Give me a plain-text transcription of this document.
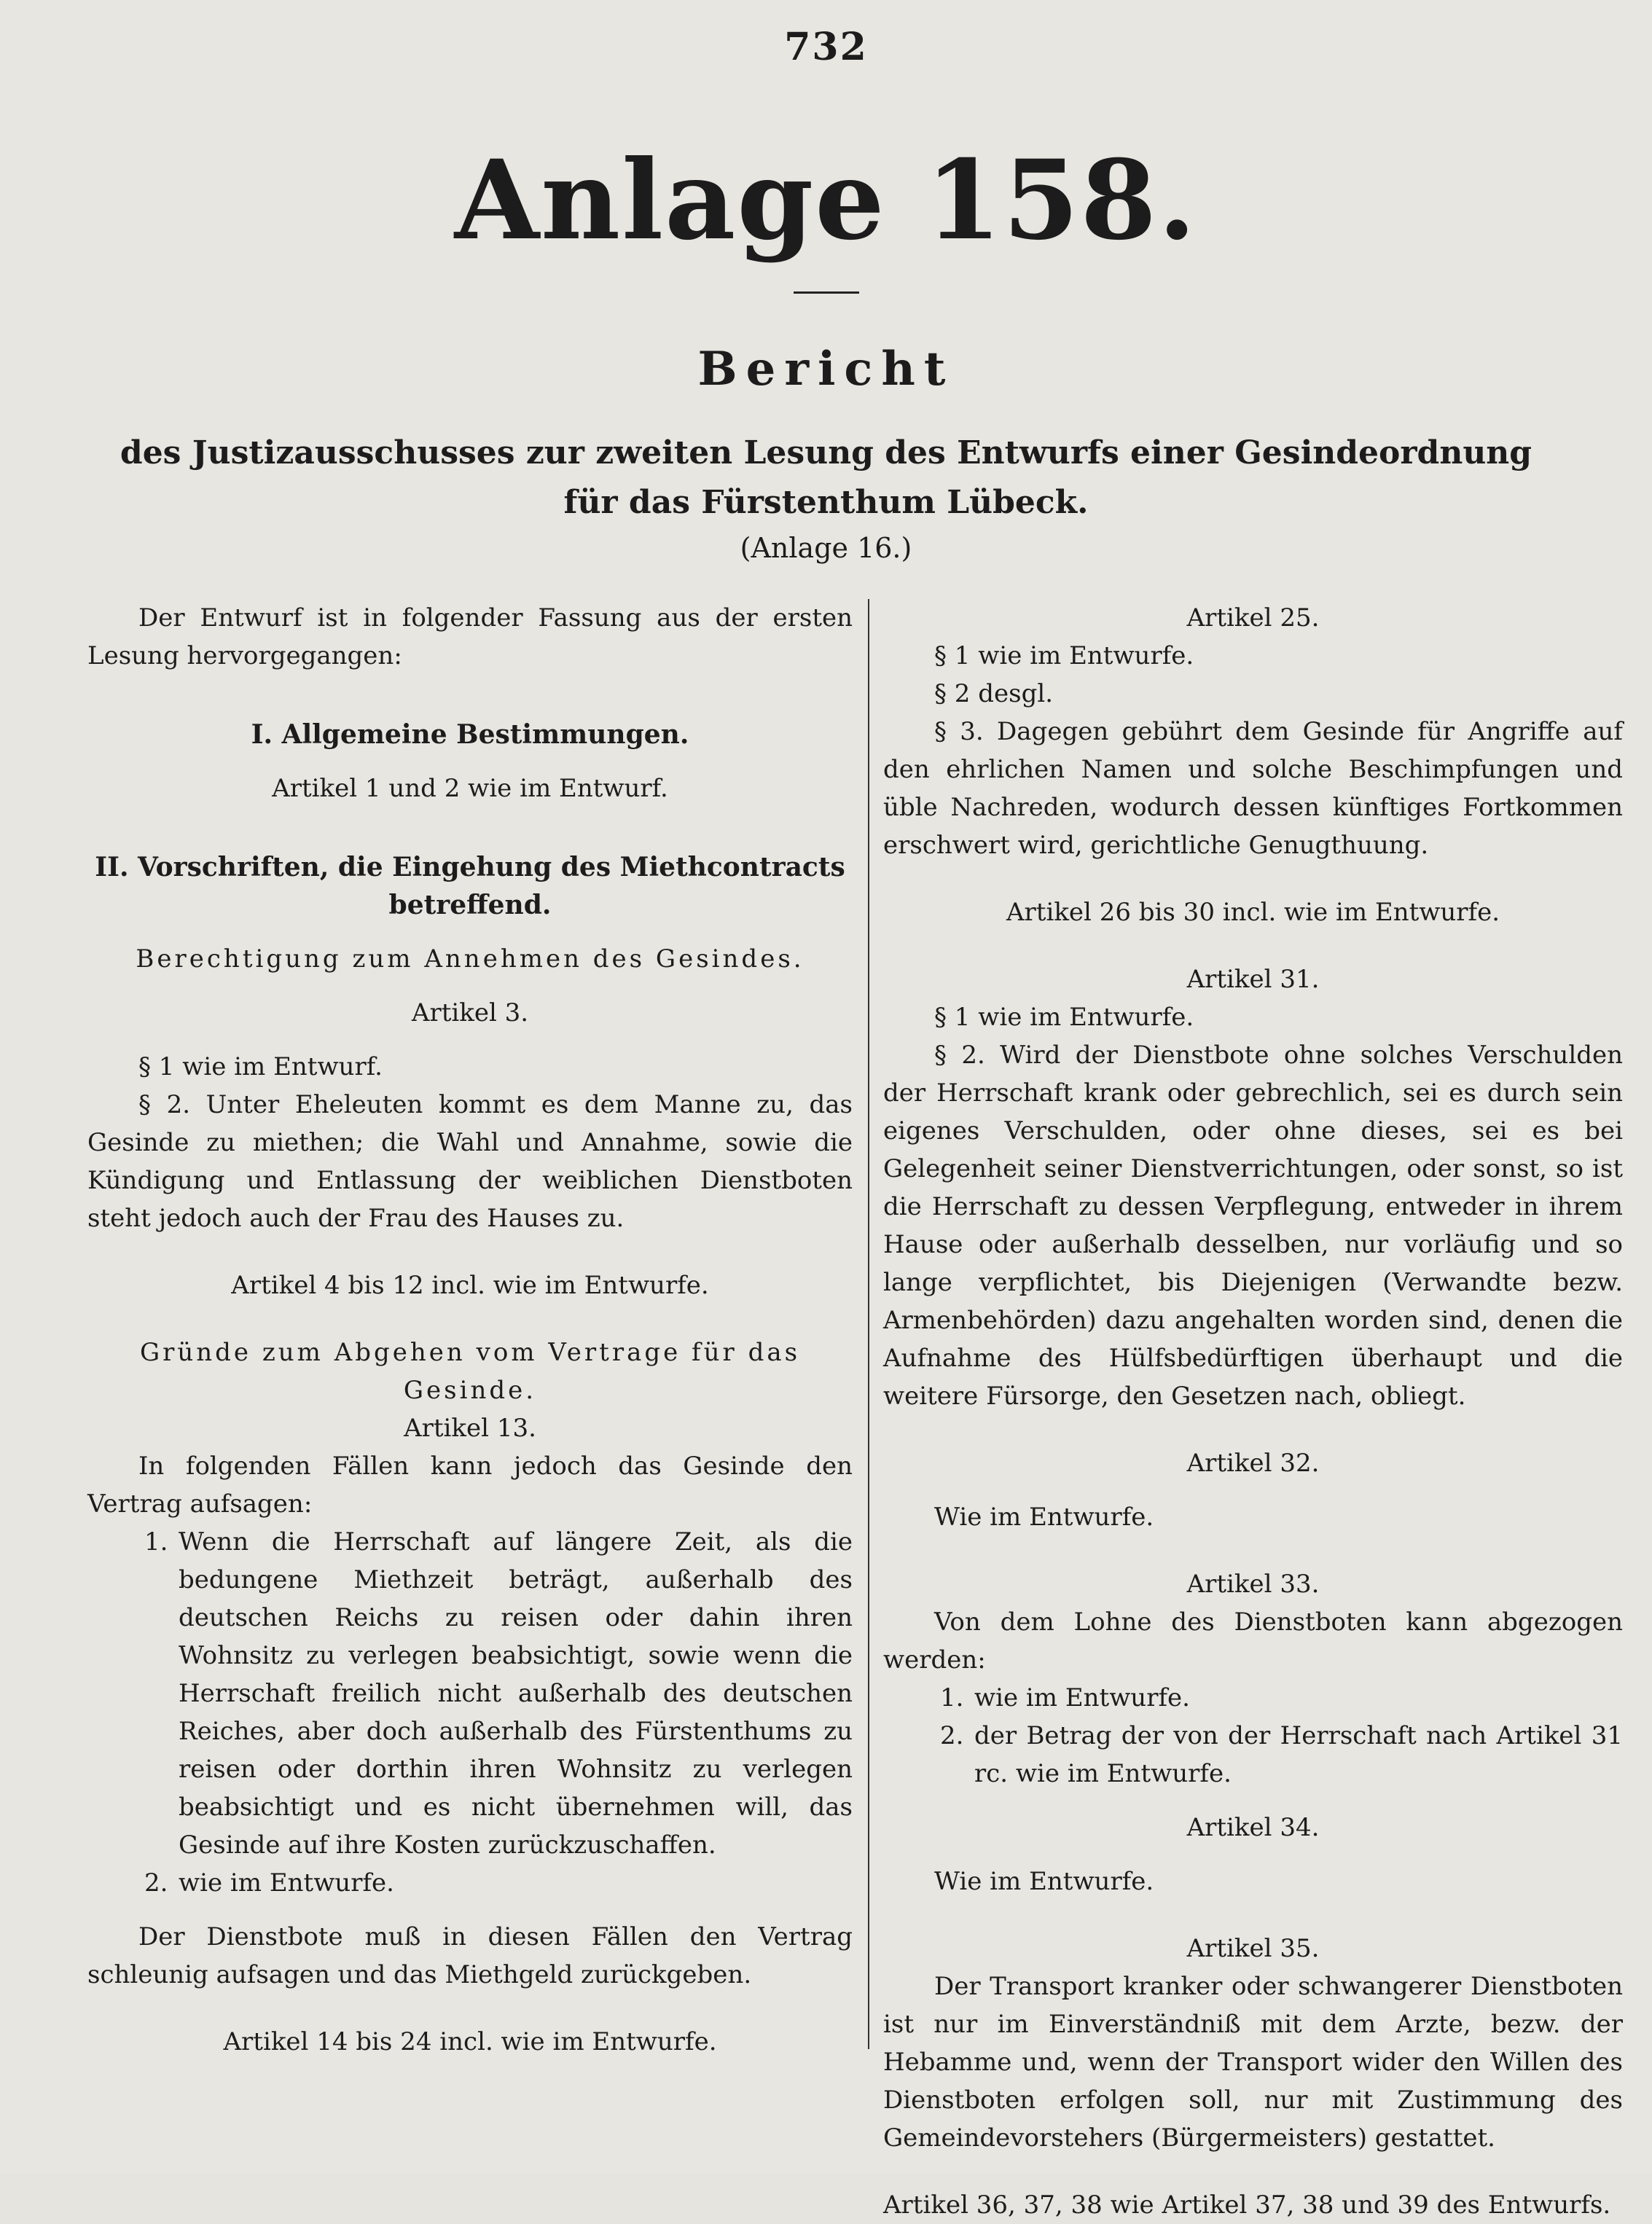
732
Anlage 158.
Bericht
des Justizausschusses zur zweiten Lesung des Entwurfs einer Gesindeordnung für das Fürstenthum Lübeck.
(Anlage 16.)

Der Entwurf ist in folgender Fassung aus der ersten Lesung hervorgegangen:

I. Allgemeine Bestimmungen.

Artikel 1 und 2 wie im Entwurf.

II. Vorschriften, die Eingehung des Miethcontracts betreffend.

Berechtigung zum Annehmen des Gesindes.

Artikel 3.

§ 1 wie im Entwurf.

§ 2. Unter Eheleuten kommt es dem Manne zu, das Gesinde zu miethen; die Wahl und Annahme, sowie die Kündigung und Entlassung der weiblichen Dienstboten steht jedoch auch der Frau des Hauses zu.

Artikel 4 bis 12 incl. wie im Entwurfe.

Gründe zum Abgehen vom Vertrage für das Gesinde.

Artikel 13.

In folgenden Fällen kann jedoch das Gesinde den Vertrag aufsagen:

1. Wenn die Herrschaft auf längere Zeit, als die bedungene Miethzeit beträgt, außerhalb des deutschen Reichs zu reisen oder dahin ihren Wohnsitz zu verlegen beabsichtigt, sowie wenn die Herrschaft freilich nicht außerhalb des deutschen Reiches, aber doch außerhalb des Fürstenthums zu reisen oder dorthin ihren Wohnsitz zu verlegen beabsichtigt und es nicht übernehmen will, das Gesinde auf ihre Kosten zurückzuschaffen.
2. wie im Entwurfe.

Der Dienstbote muß in diesen Fällen den Vertrag schleunig aufsagen und das Miethgeld zurückgeben.

Artikel 14 bis 24 incl. wie im Entwurfe.

Artikel 25.

§ 1 wie im Entwurfe.

§ 2 desgl.

§ 3. Dagegen gebührt dem Gesinde für Angriffe auf den ehrlichen Namen und solche Beschimpfungen und üble Nachreden, wodurch dessen künftiges Fortkommen erschwert wird, gerichtliche Genugthuung.

Artikel 26 bis 30 incl. wie im Entwurfe.

Artikel 31.

§ 1 wie im Entwurfe.

§ 2. Wird der Dienstbote ohne solches Verschulden der Herrschaft krank oder gebrechlich, sei es durch sein eigenes Verschulden, oder ohne dieses, sei es bei Gelegenheit seiner Dienstverrichtungen, oder sonst, so ist die Herrschaft zu dessen Verpflegung, entweder in ihrem Hause oder außerhalb desselben, nur vorläufig und so lange verpflichtet, bis Diejenigen (Verwandte bezw. Armenbehörden) dazu angehalten worden sind, denen die Aufnahme des Hülfsbedürftigen überhaupt und die weitere Fürsorge, den Gesetzen nach, obliegt.

Artikel 32.

Wie im Entwurfe.

Artikel 33.

Von dem Lohne des Dienstboten kann abgezogen werden:

1. wie im Entwurfe.
2. der Betrag der von der Herrschaft nach Artikel 31 rc. wie im Entwurfe.

Artikel 34.

Wie im Entwurfe.

Artikel 35.

Der Transport kranker oder schwangerer Dienstboten ist nur im Einverständniß mit dem Arzte, bezw. der Hebamme und, wenn der Transport wider den Willen des Dienstboten erfolgen soll, nur mit Zustimmung des Gemeindevorstehers (Bürgermeisters) gestattet.

Artikel 36, 37, 38 wie Artikel 37, 38 und 39 des Entwurfs.
